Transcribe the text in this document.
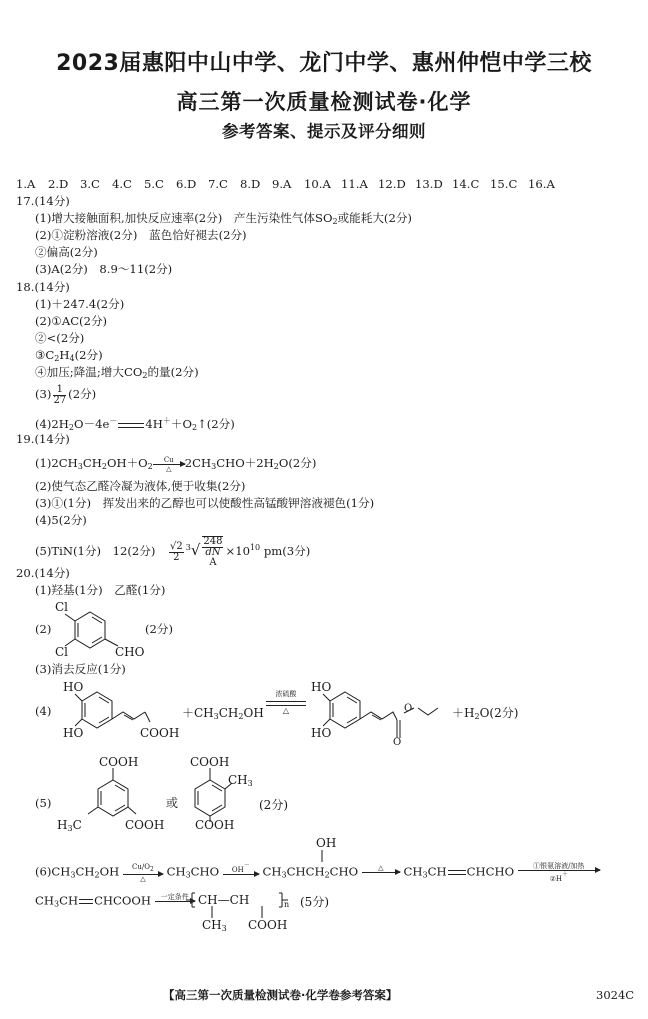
2023届惠阳中山中学、龙门中学、惠州仲恺中学三校
高三第一次质量检测试卷·化学
参考答案、提示及评分细则
1.A 2.D 3.C 4.C 5.C 6.D 7.C 8.D 9.A 10.A 11.A 12.D 13.D 14.C 15.C 16.A
17.(14分)
(1)增大接触面积,加快反应速率(2分)　产生污染性气体$SO_2$或能耗大(2分)
(2)①淀粉溶液(2分)　蓝色恰好褪去(2分)
②偏高(2分)
(3)A(2分)　8.9～11(2分)
18.(14分)
(1)＋247.4(2分)
(2)①AC(2分)
②<(2分)
$③C_2H_4(2$分)
④加压;降温;增大$CO_2$的量(2分)
$(3) \frac{1}{27} (2$分)
$(4)2H_2O-4e^-$ $4H^++O_2↑(2$分)
19.(14分)
$(1)2CH_3CH_2OH+O_2$
Cu
△	$2CH_3CHO+2H_2O(2$分)
(2)使气态乙醛冷凝为液体,便于收集(2分)
(3)①(1分)　挥发出来的乙醇也可以使酸性高锰酸钾溶液褪色(1分)
(4)5(2分)
(5)TiN(1分)　12(2分)　 $\frac{√2}{2} ^3√$ 248
dN
$A \times 10^{10}$ pm(3分)
20.(14分)
(1)羟基(1分)　乙醛(1分)
(2)	(2分)
Cl
Cl	CHO
(3)消去反应(1分)
(4)
HO
HO	COOH
$+CH_3CH_2OH$
浓硫酸
△
HO
HO
O
O
$+H_2O(2$分)
(5)
COOH
COOH
$H_3C$
或
COOH
$CH_3$
COOH
(2分)
$(6)CH_3CH_2OH$	Cu/O2
△	$CH_3CHO$	OH－
	$CH_3CHCH_2CHO$	△
	$CH_3CH$ CHCHO	①银氨溶液/加热
②H＋
OH
$CH_3CH$ CHCOOH	一定条件
CH—CH	n (5分)
$CH_3$ COOH
【高三第一次质量检测试卷·化学卷参考答案】	3024C
